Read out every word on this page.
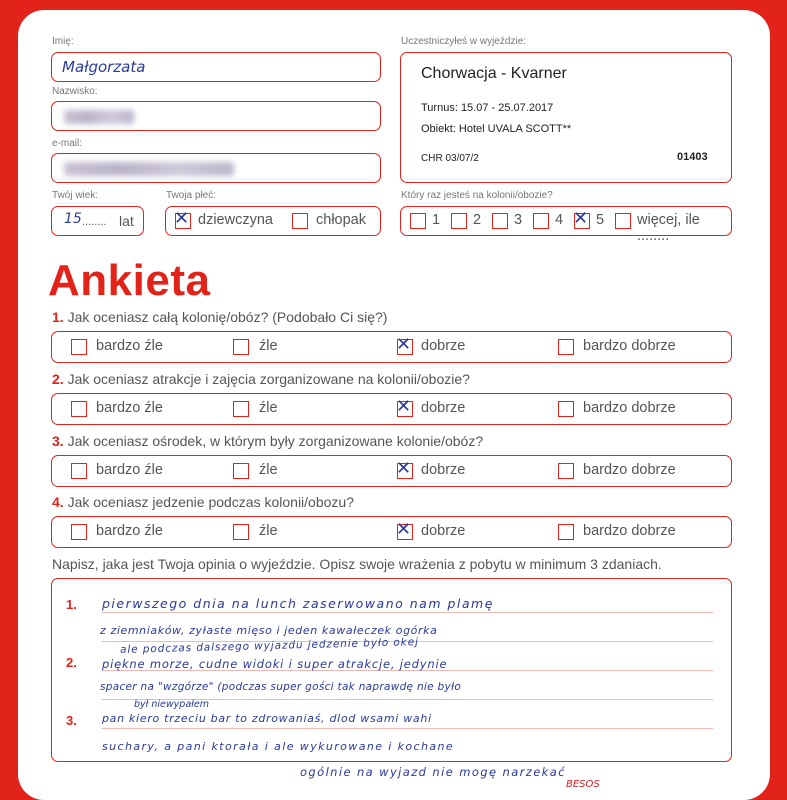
Imię:
Małgorzata
Nazwisko:
e-mail:
Twój wiek:
15 ........ lat
Twoja płeć:
✕ dziewczyna	chłopak
Uczestniczyłeś w wyjeździe:
Chorwacja - Kvarner
Turnus: 15.07 - 25.07.2017
Obiekt: Hotel UVALA SCOTT**
CHR 03/07/2	01403
Który raz jesteś na kolonii/obozie?
1 2 3 4 ✕ 5 więcej, ile ........
Ankieta
1. Jak oceniasz całą kolonię/obóz? (Podobało Ci się?)
bardzo źle	źle	✕ dobrze	bardzo dobrze
2. Jak oceniasz atrakcje i zajęcia zorganizowane na kolonii/obozie?
bardzo źle	źle	✕ dobrze	bardzo dobrze
3. Jak oceniasz ośrodek, w którym były zorganizowane kolonie/obóz?
bardzo źle	źle	✕ dobrze	bardzo dobrze
4. Jak oceniasz jedzenie podczas kolonii/obozu?
bardzo źle	źle	✕ dobrze	bardzo dobrze
Napisz, jaka jest Twoja opinia o wyjeździe. Opisz swoje wrażenia z pobytu w minimum 3 zdaniach.
1.
2.
3.
pierwszego dnia na lunch zaserwowano nam plamę
z ziemniaków, zyłaste mięso i jeden kawałeczek ogórka
ale podczas dalszego wyjazdu jedzenie było okej
piękne morze, cudne widoki i super atrakcje, jedynie
spacer na "wzgórze" (podczas super gości tak naprawdę nie było
był niewypałem
pan kiero trzeciu bar to zdrowaniaś, dlod wsami wahi
suchary, a pani ktorała i ale wykurowane i kochane
ogólnie na wyjazd nie mogę narzekać
BESOS
